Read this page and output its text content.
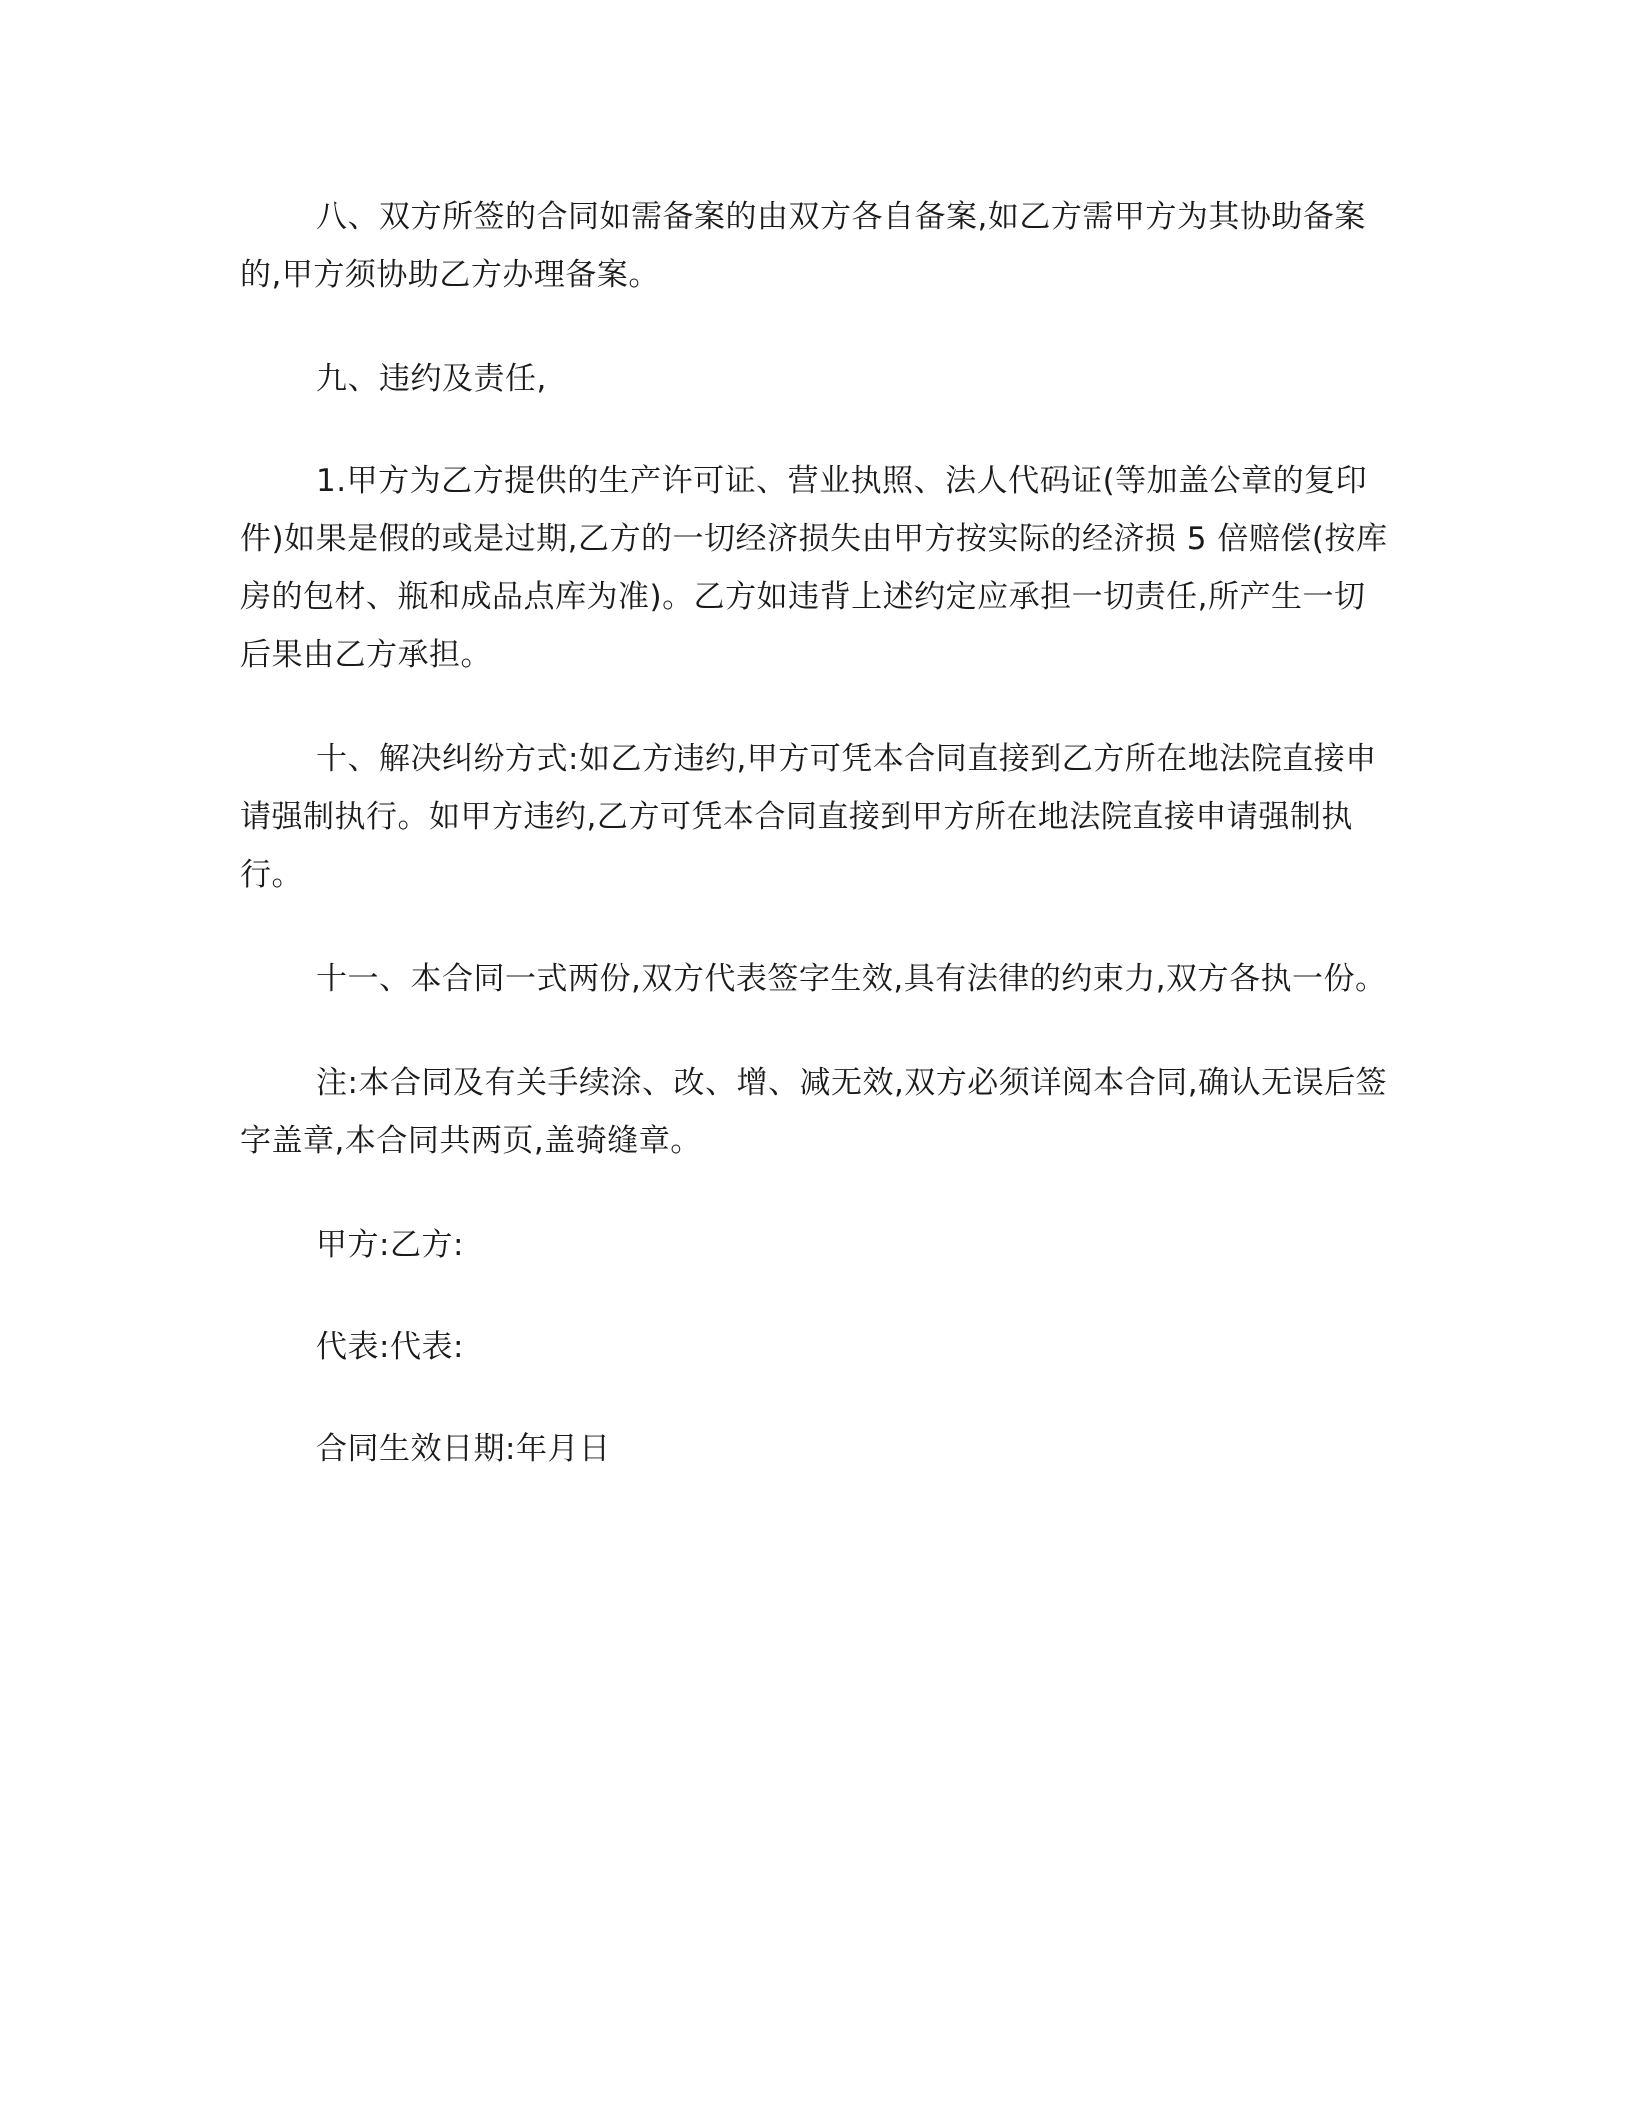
八、双方所签的合同如需备案的由双方各自备案,如乙方需甲方为其协助备案的,甲方须协助乙方办理备案。

九、违约及责任,

1.甲方为乙方提供的生产许可证、营业执照、法人代码证(等加盖公章的复印件)如果是假的或是过期,乙方的一切经济损失由甲方按实际的经济损 5 倍赔偿(按库房的包材、瓶和成品点库为准)。乙方如违背上述约定应承担一切责任,所产生一切后果由乙方承担。

十、解决纠纷方式:如乙方违约,甲方可凭本合同直接到乙方所在地法院直接申请强制执行。如甲方违约,乙方可凭本合同直接到甲方所在地法院直接申请强制执行。

十一、本合同一式两份,双方代表签字生效,具有法律的约束力,双方各执一份。

注:本合同及有关手续涂、改、增、减无效,双方必须详阅本合同,确认无误后签字盖章,本合同共两页,盖骑缝章。

甲方:乙方:

代表:代表:

合同生效日期:年月日
